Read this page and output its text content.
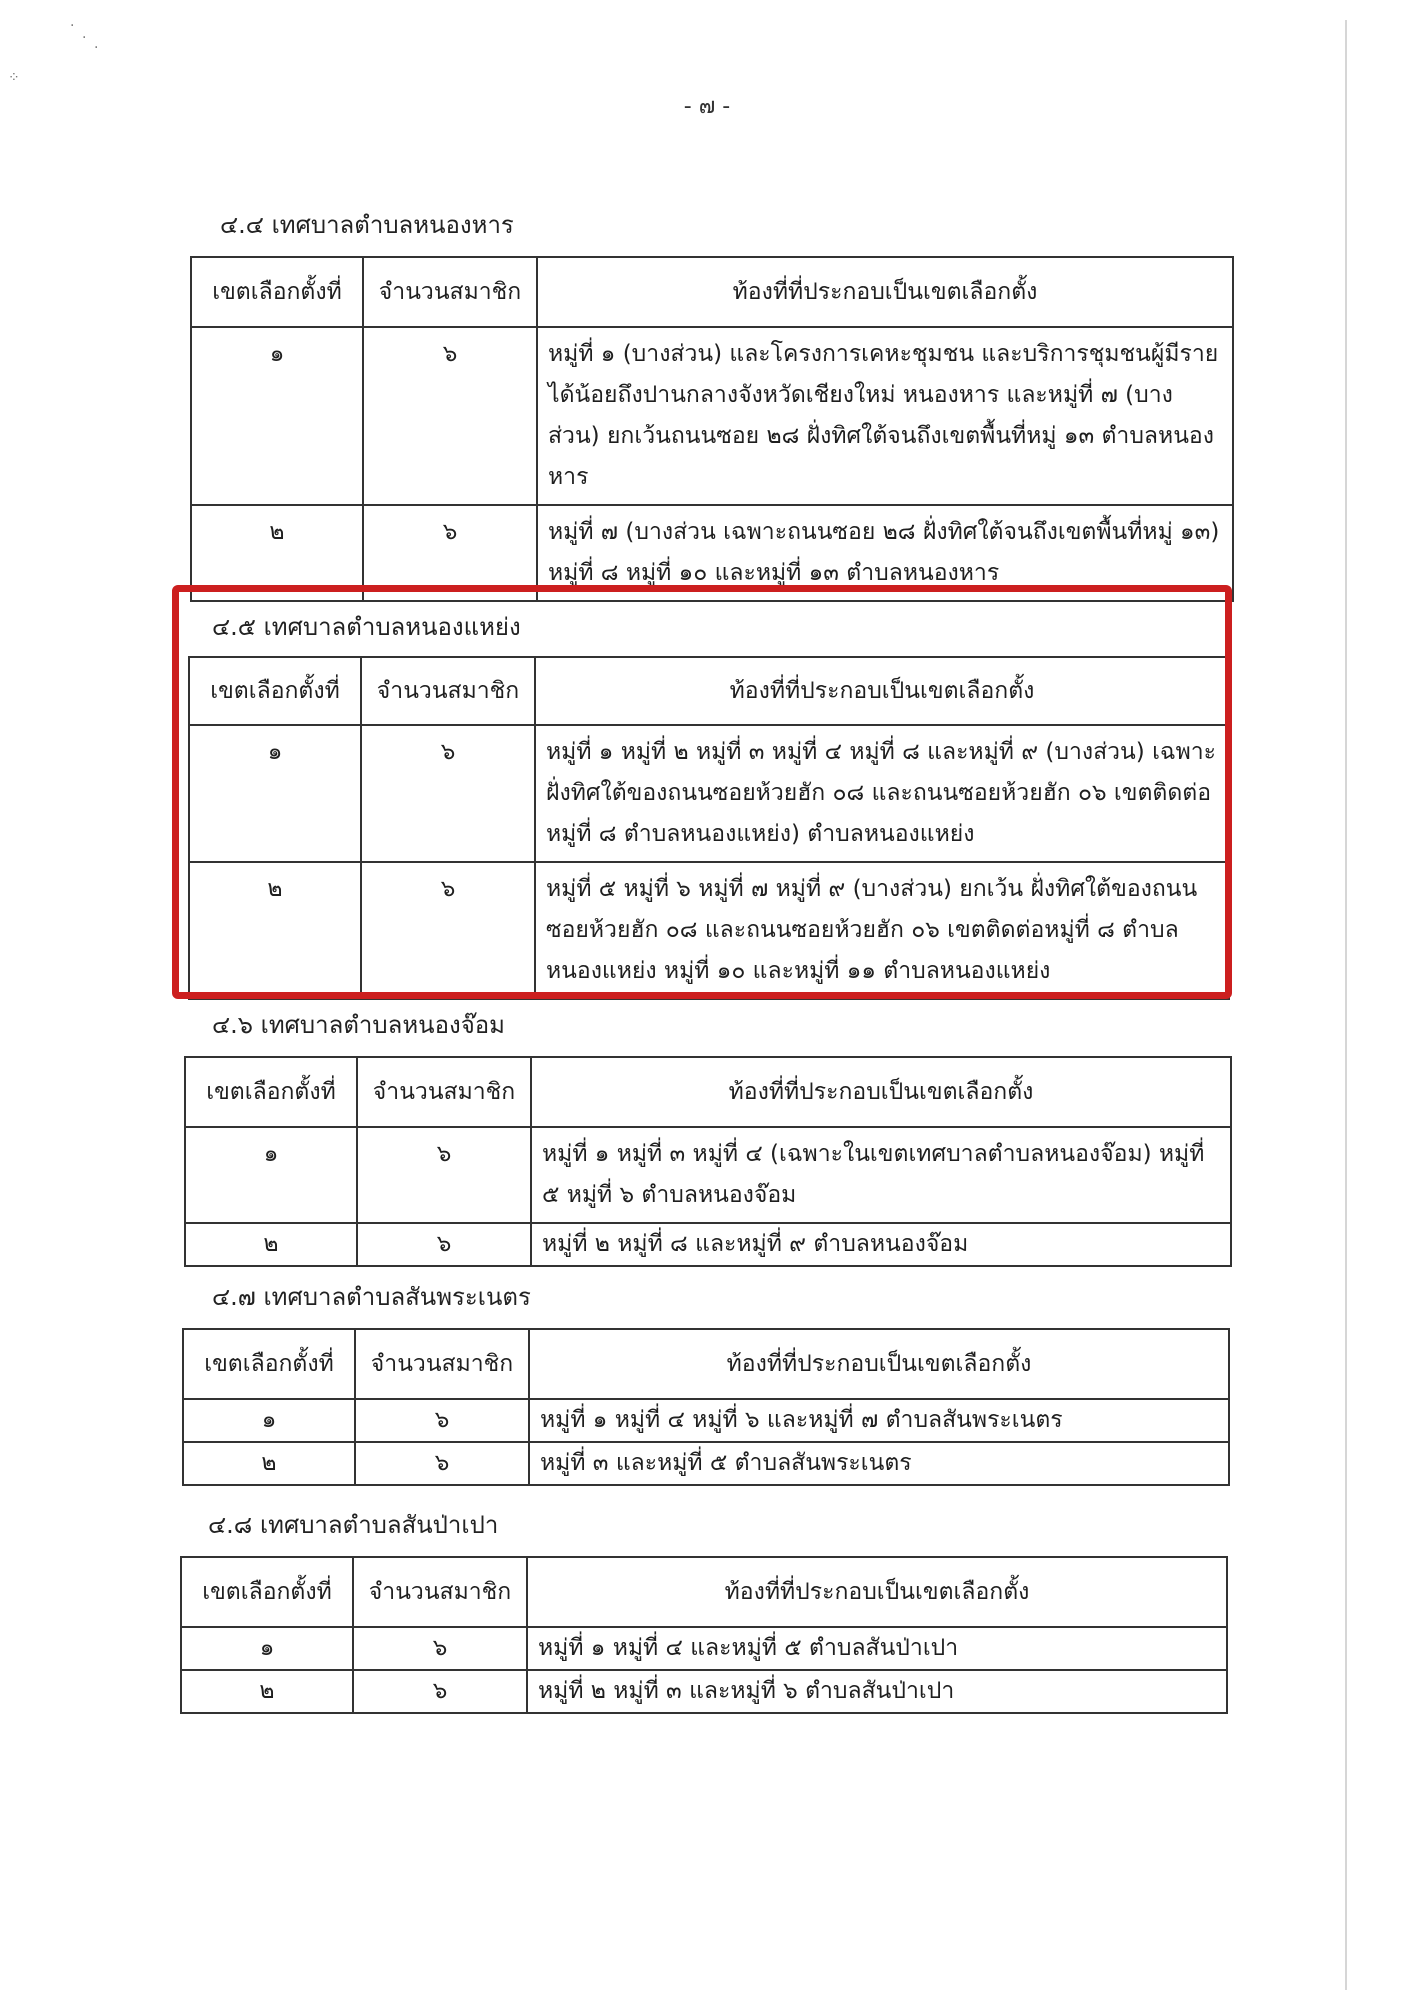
·
·
·
⁘
- ๗ -
๔.๔ เทศบาลตำบลหนองหาร
เขตเลือกตั้งที่	จำนวนสมาชิก	ท้องที่ที่ประกอบเป็นเขตเลือกตั้ง
๑	๖	หมู่ที่ ๑ (บางส่วน) และโครงการเคหะชุมชน และบริการชุมชนผู้มีรายได้น้อยถึงปานกลางจังหวัดเชียงใหม่ หนองหาร และหมู่ที่ ๗ (บางส่วน) ยกเว้นถนนซอย ๒๘ ฝั่งทิศใต้จนถึงเขตพื้นที่หมู่ ๑๓ ตำบลหนองหาร
๒	๖	หมู่ที่ ๗ (บางส่วน เฉพาะถนนซอย ๒๘ ฝั่งทิศใต้จนถึงเขตพื้นที่หมู่ ๑๓) หมู่ที่ ๘ หมู่ที่ ๑๐ และหมู่ที่ ๑๓ ตำบลหนองหาร
๔.๕ เทศบาลตำบลหนองแหย่ง
เขตเลือกตั้งที่	จำนวนสมาชิก	ท้องที่ที่ประกอบเป็นเขตเลือกตั้ง
๑	๖	หมู่ที่ ๑ หมู่ที่ ๒ หมู่ที่ ๓ หมู่ที่ ๔ หมู่ที่ ๘ และหมู่ที่ ๙ (บางส่วน) เฉพาะ ฝั่งทิศใต้ของถนนซอยห้วยฮัก ๐๘ และถนนซอยห้วยฮัก ๐๖ เขตติดต่อหมู่ที่ ๘ ตำบลหนองแหย่ง) ตำบลหนองแหย่ง
๒	๖	หมู่ที่ ๕ หมู่ที่ ๖ หมู่ที่ ๗ หมู่ที่ ๙ (บางส่วน) ยกเว้น ฝั่งทิศใต้ของถนนซอยห้วยฮัก ๐๘ และถนนซอยห้วยฮัก ๐๖ เขตติดต่อหมู่ที่ ๘ ตำบลหนองแหย่ง หมู่ที่ ๑๐ และหมู่ที่ ๑๑ ตำบลหนองแหย่ง
๔.๖ เทศบาลตำบลหนองจ๊อม
เขตเลือกตั้งที่	จำนวนสมาชิก	ท้องที่ที่ประกอบเป็นเขตเลือกตั้ง
๑	๖	หมู่ที่ ๑ หมู่ที่ ๓ หมู่ที่ ๔ (เฉพาะในเขตเทศบาลตำบลหนองจ๊อม) หมู่ที่ ๕ หมู่ที่ ๖ ตำบลหนองจ๊อม
๒	๖	หมู่ที่ ๒ หมู่ที่ ๘ และหมู่ที่ ๙ ตำบลหนองจ๊อม
๔.๗ เทศบาลตำบลสันพระเนตร
เขตเลือกตั้งที่	จำนวนสมาชิก	ท้องที่ที่ประกอบเป็นเขตเลือกตั้ง
๑	๖	หมู่ที่ ๑ หมู่ที่ ๔ หมู่ที่ ๖ และหมู่ที่ ๗ ตำบลสันพระเนตร
๒	๖	หมู่ที่ ๓ และหมู่ที่ ๕ ตำบลสันพระเนตร
๔.๘ เทศบาลตำบลสันป่าเปา
เขตเลือกตั้งที่	จำนวนสมาชิก	ท้องที่ที่ประกอบเป็นเขตเลือกตั้ง
๑	๖	หมู่ที่ ๑ หมู่ที่ ๔ และหมู่ที่ ๕ ตำบลสันป่าเปา
๒	๖	หมู่ที่ ๒ หมู่ที่ ๓ และหมู่ที่ ๖ ตำบลสันป่าเปา
